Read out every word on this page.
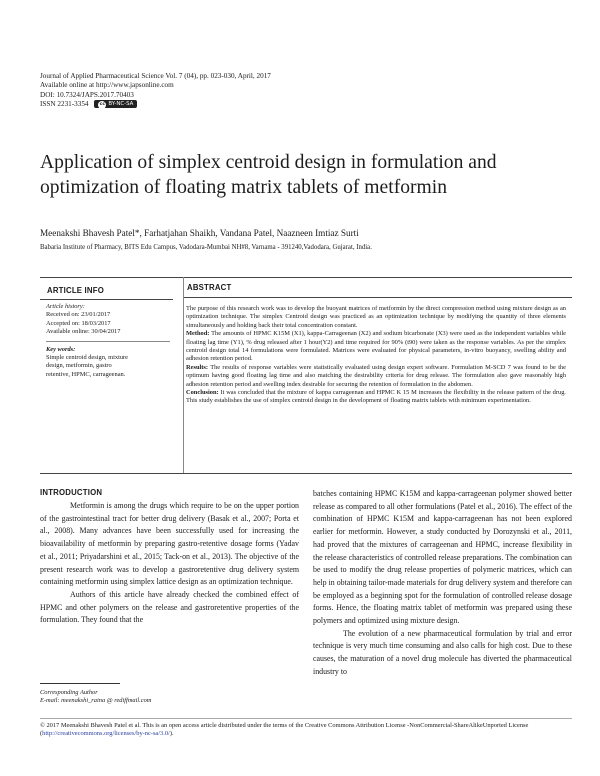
Journal of Applied Pharmaceutical Science Vol. 7 (04), pp. 023-030, April, 2017
Available online at http://www.japsonline.com
DOI: 10.7324/JAPS.2017.70403
ISSN 2231-3354 cc BY-NC-SA
Application of simplex centroid design in formulation and
optimization of floating matrix tablets of metformin
Meenakshi Bhavesh Patel*, Farhatjahan Shaikh, Vandana Patel, Naazneen Imtiaz Surti
Babaria Institute of Pharmacy, BITS Edu Campus, Vadodara-Mumbai NH#8, Varnama - 391240,Vadodara, Gujarat, India.
ARTICLE INFO	ABSTRACT
Article history:
Received on: 23/01/2017
Accepted on: 18/03/2017
Available online: 30/04/2017
Key words:
Simple centroid design, mixture design, metformin, gastro retentive, HPMC, carrageenan.

The purpose of this research work was to develop the buoyant matrices of metformin by the direct compression method using mixture design as an optimization technique. The simplex Centroid design was practiced as an optimization technique by modifying the quantity of three elements simultaneously and holding back their total concentration constant.

Method: The amounts of HPMC K15M (X1), kappa-Carrageenan (X2) and sodium bicarbonate (X3) were used as the independent variables while floating lag time (Y1), % drug released after 1 hour(Y2) and time required for 90% (t90) were taken as the response variables. As per the simplex centroid design total 14 formulations were formulated. Matrices were evaluated for physical parameters, in-vitro buoyancy, swelling ability and adhesion retention period.

Results: The results of response variables were statistically evaluated using design expert software. Formulation M-SCD 7 was found to be the optimum having good floating lag time and also matching the desirability criteria for drug release. The formulation also gave reasonably high adhesion retention period and swelling index desirable for securing the retention of formulation in the abdomen.

Conclusion: It was concluded that the mixture of kappa carrageenan and HPMC K 15 M increases the flexibility in the release pattern of the drug. This study establishes the use of simplex centroid design in the development of floating matrix tablets with minimum experimentation.

INTRODUCTION

Metformin is among the drugs which require to be on the upper portion of the gastrointestinal tract for better drug delivery (Basak et al., 2007; Porta et al., 2008). Many advances have been successfully used for increasing the bioavailability of metformin by preparing gastro-retentive dosage forms (Yadav et al., 2011; Priyadarshini et al., 2015; Tack-on et al., 2013). The objective of the present research work was to develop a gastroretentive drug delivery system containing metformin using simplex lattice design as an optimization technique.

Authors of this article have already checked the combined effect of HPMC and other polymers on the release and gastroretentive properties of the formulation. They found that the

batches containing HPMC K15M and kappa-carrageenan polymer showed better release as compared to all other formulations (Patel et al., 2016). The effect of the combination of HPMC K15M and kappa-carrageenan has not been explored earlier for metformin. However, a study conducted by Dorozynski et al., 2011, had proved that the mixtures of carrageenan and HPMC, increase flexibility in the release characteristics of controlled release preparations. The combination can be used to modify the drug release properties of polymeric matrices, which can help in obtaining tailor-made materials for drug delivery system and therefore can be employed as a beginning spot for the formulation of controlled release dosage forms. Hence, the floating matrix tablet of metformin was prepared using these polymers and optimized using mixture design.

The evolution of a new pharmaceutical formulation by trial and error technique is very much time consuming and also calls for high cost. Due to these causes, the maturation of a novel drug molecule has diverted the pharmaceutical industry to

Corresponding Author
E-mail: meenakshi_raina @ rediffmail.com
© 2017 Meenakshi Bhavesh Patel et al. This is an open access article distributed under the terms of the Creative Commons Attribution License -NonCommercial-ShareAlikeUnported License (http://creativecommons.org/licenses/by-nc-sa/3.0/).
